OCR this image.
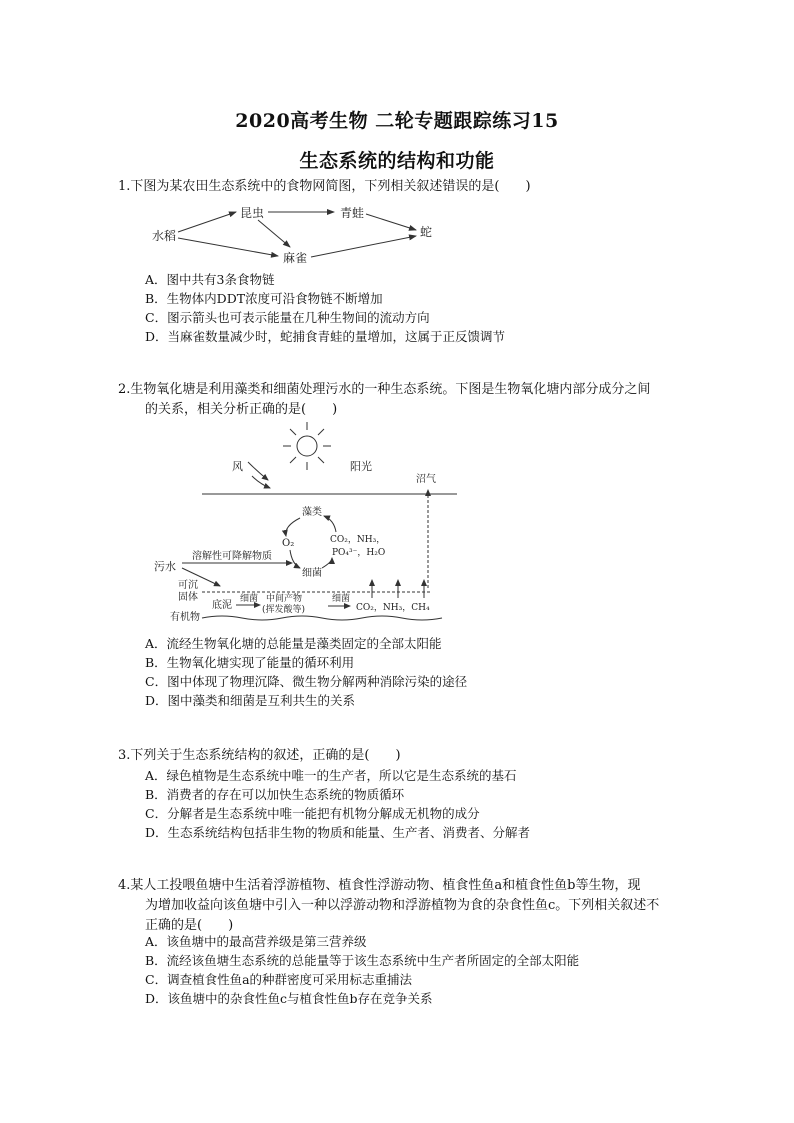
2020高考生物 二轮专题跟踪练习15
生态系统的结构和功能
1.下图为某农田生态系统中的食物网简图，下列相关叙述错误的是(　　)
水稻
昆虫	青蛙
麻雀
蛇
A．图中共有3条食物链
B．生物体内DDT浓度可沿食物链不断增加
C．图示箭头也可表示能量在几种生物间的流动方向
D．当麻雀数量减少时，蛇捕食青蛙的量增加，这属于正反馈调节
2.生物氧化塘是利用藻类和细菌处理污水的一种生态系统。下图是生物氧化塘内部分成分之间

的关系，相关分析正确的是(　　)
风	阳光
沼气
藻类
O₂	CO₂，NH₃，
PO₄³⁻，H₂O
细菌
污水
溶解性可降解物质
可沉
固体
底泥
细菌 中间产物
(挥发酸等)
细菌
CO₂，NH₃，CH₄
有机物
A．流经生物氧化塘的总能量是藻类固定的全部太阳能
B．生物氧化塘实现了能量的循环利用
C．图中体现了物理沉降、微生物分解两种消除污染的途径
D．图中藻类和细菌是互利共生的关系
3.下列关于生态系统结构的叙述，正确的是(　　)
A．绿色植物是生态系统中唯一的生产者，所以它是生态系统的基石
B．消费者的存在可以加快生态系统的物质循环
C．分解者是生态系统中唯一能把有机物分解成无机物的成分
D．生态系统结构包括非生物的物质和能量、生产者、消费者、分解者
4.某人工投喂鱼塘中生活着浮游植物、植食性浮游动物、植食性鱼a和植食性鱼b等生物，现

为增加收益向该鱼塘中引入一种以浮游动物和浮游植物为食的杂食性鱼c。下列相关叙述不
正确的是(　　)
A．该鱼塘中的最高营养级是第三营养级
B．流经该鱼塘生态系统的总能量等于该生态系统中生产者所固定的全部太阳能
C．调查植食性鱼a的种群密度可采用标志重捕法
D．该鱼塘中的杂食性鱼c与植食性鱼b存在竞争关系
